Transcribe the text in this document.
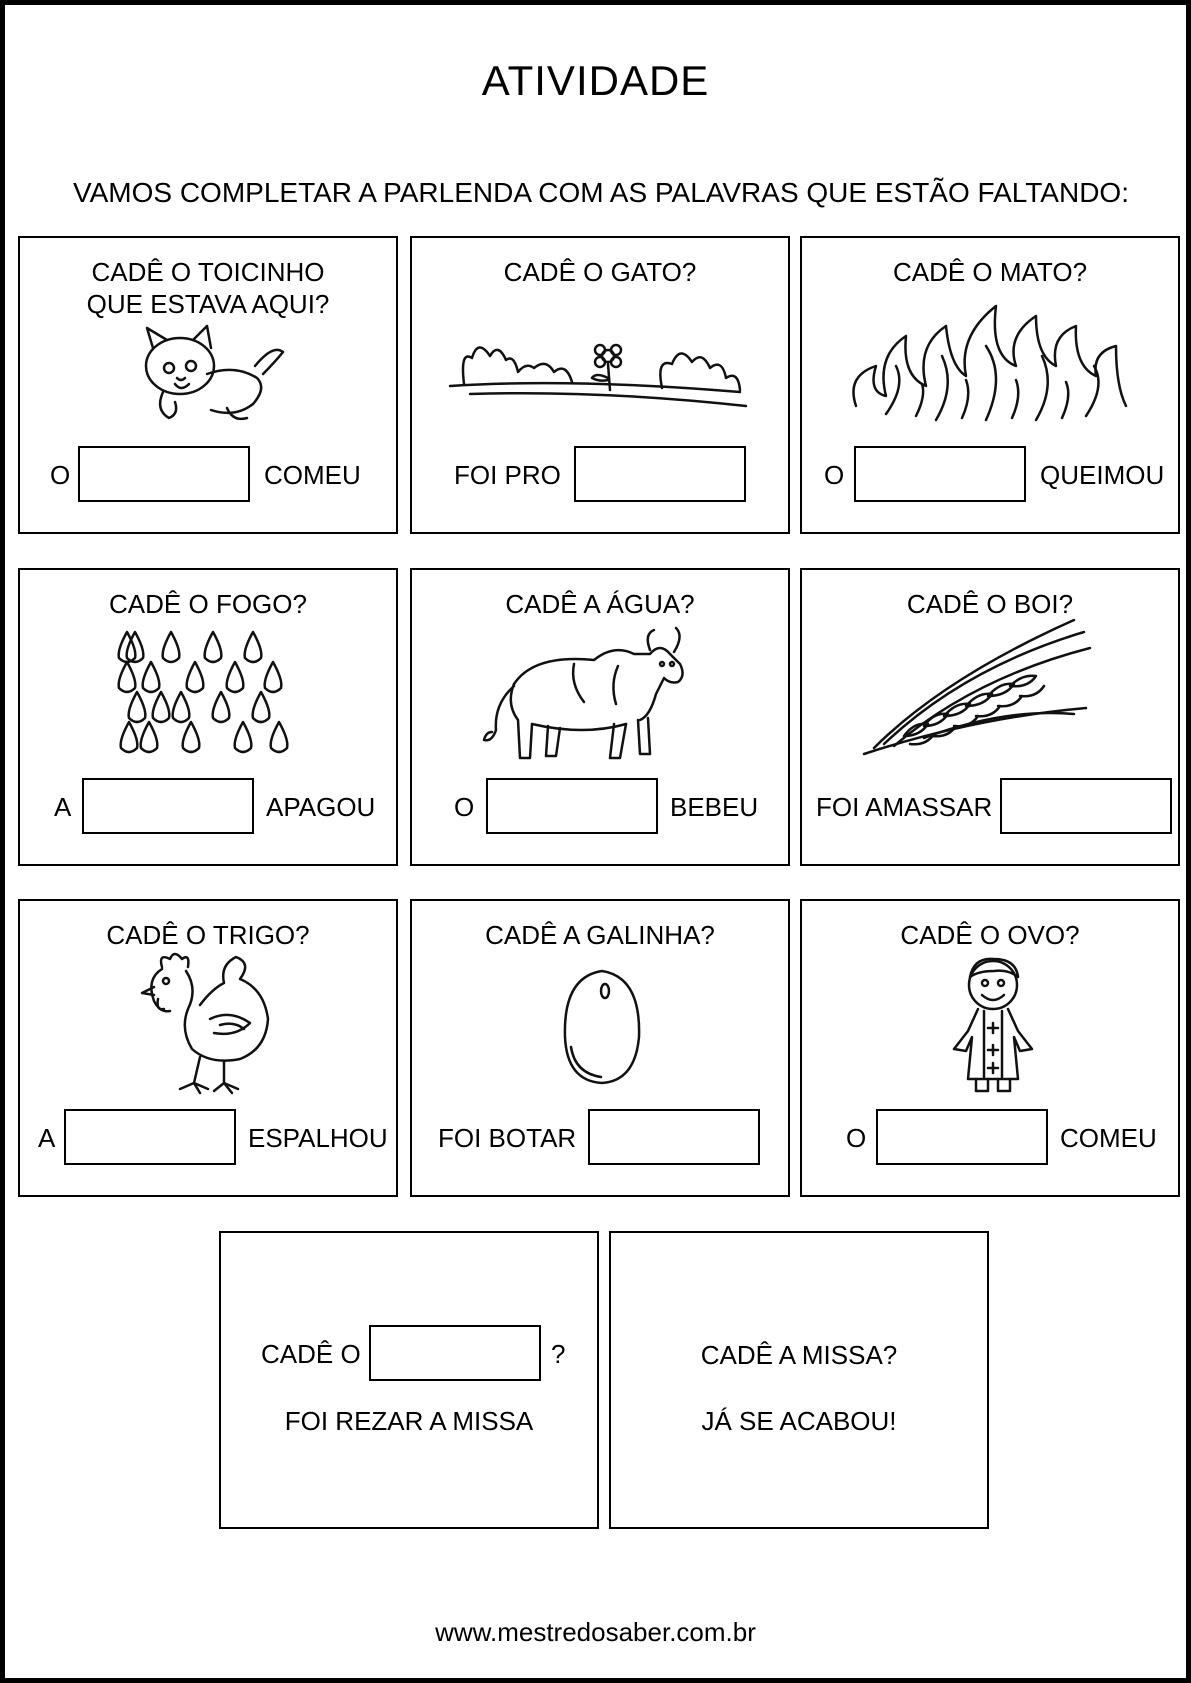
ATIVIDADE
VAMOS COMPLETAR A PARLENDA COM AS PALAVRAS QUE ESTÃO FALTANDO:
CADÊ O TOICINHO
QUE ESTAVA AQUI?
O	COMEU
CADÊ O GATO?
FOI PRO
CADÊ O MATO?
O	QUEIMOU
CADÊ O FOGO?
A	APAGOU
CADÊ A ÁGUA?
O	BEBEU
CADÊ O BOI?
FOI AMASSAR
CADÊ O TRIGO?
A	ESPALHOU
CADÊ A GALINHA?
FOI BOTAR
CADÊ O OVO?
O	COMEU
CADÊ O	?
FOI REZAR A MISSA
CADÊ A MISSA?
JÁ SE ACABOU!
www.mestredosaber.com.br
